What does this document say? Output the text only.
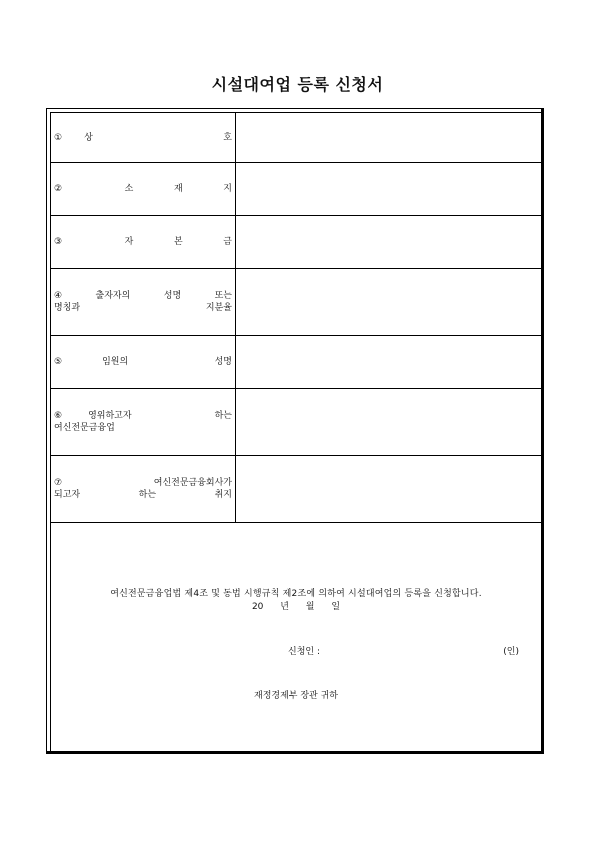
시설대여업 등록 신청서
① 상	호
②	소	재	지
③	자	본	금
④	출자자의	성명	또는
명칭과	지분율
⑤	임원의	성명
⑥	영위하고자	하는
여신전문금융업
⑦	여신전문금융회사가
되고자	하는	취지
여신전문금융업법 제4조 및 동법 시행규칙 제2조에 의하여 시설대여업의 등록을 신청합니다.
20 년 월 일
신청인 :	(인)
재정경제부 장관 귀하
